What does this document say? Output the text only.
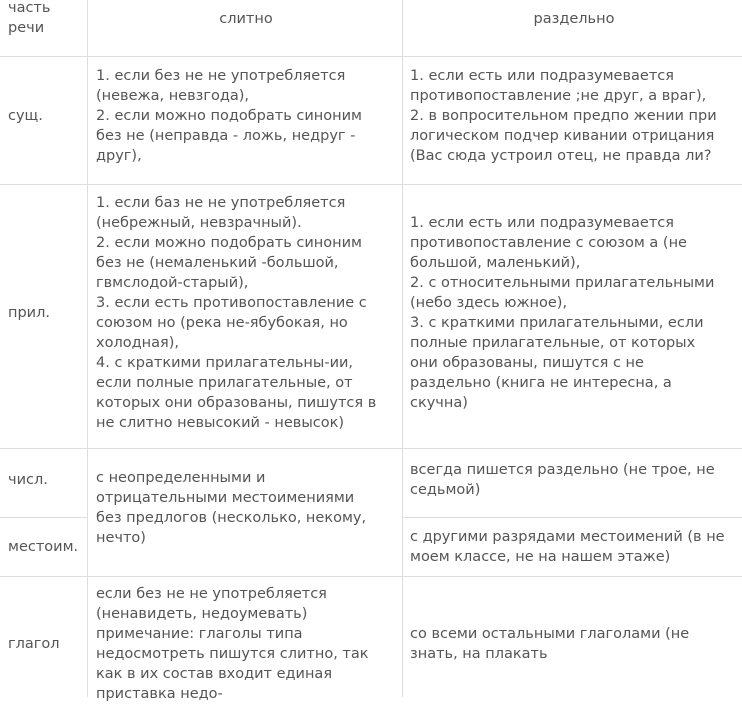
часть
речи
слитно	раздельно
сущ.
1. если без не не употребляется
(невежа, невзгода),
2. если можно подобрать синоним
без не (неправда - ложь, недруг -
друг),
1. если есть или подразумевается
противопоставление ;не друг, а враг),
2. в вопросительном предпо жении при
логическом подчер кивании отрицания
(Вас сюда устроил отец, не правда ли?
прил.
1. если баз не не употребляется
(небрежный, невзрачный).
2. если можно подобрать синоним
без не (немаленький -большой,
гвмслодой-старый),
3. если есть противопоставление с
союзом но (река не-ябубокая, но
холодная),
4. с краткими прилагательны-ии,
если полные прилагательные, от
которых они образованы, пишутся в
не слитно невысокий - невысок)
1. если есть или подразумевается
противопоставление с союзом а (не
большой, маленький),
2. с относительными прилагательными
(небо здесь южное),
3. с краткими прилагательными, если
полные прилагательные, от которых
они образованы, пишутся с не
раздельно (книга не интересна, а
скучна)
числ.
всегда пишется раздельно (не трое, не
седьмой)
с неопределенными и
отрицательными местоимениями
без предлогов (несколько, некому,
нечто)
местоим.
с другими разрядами местоимений (в не
моем классе, не на нашем этаже)
глагол
если без не не употребляется
(ненавидеть, недоумевать)
примечание: глаголы типа
недосмотреть пишутся слитно, так
как в их состав входит единая
приставка недо-
со всеми остальными глаголами (не
знать, на плакать
